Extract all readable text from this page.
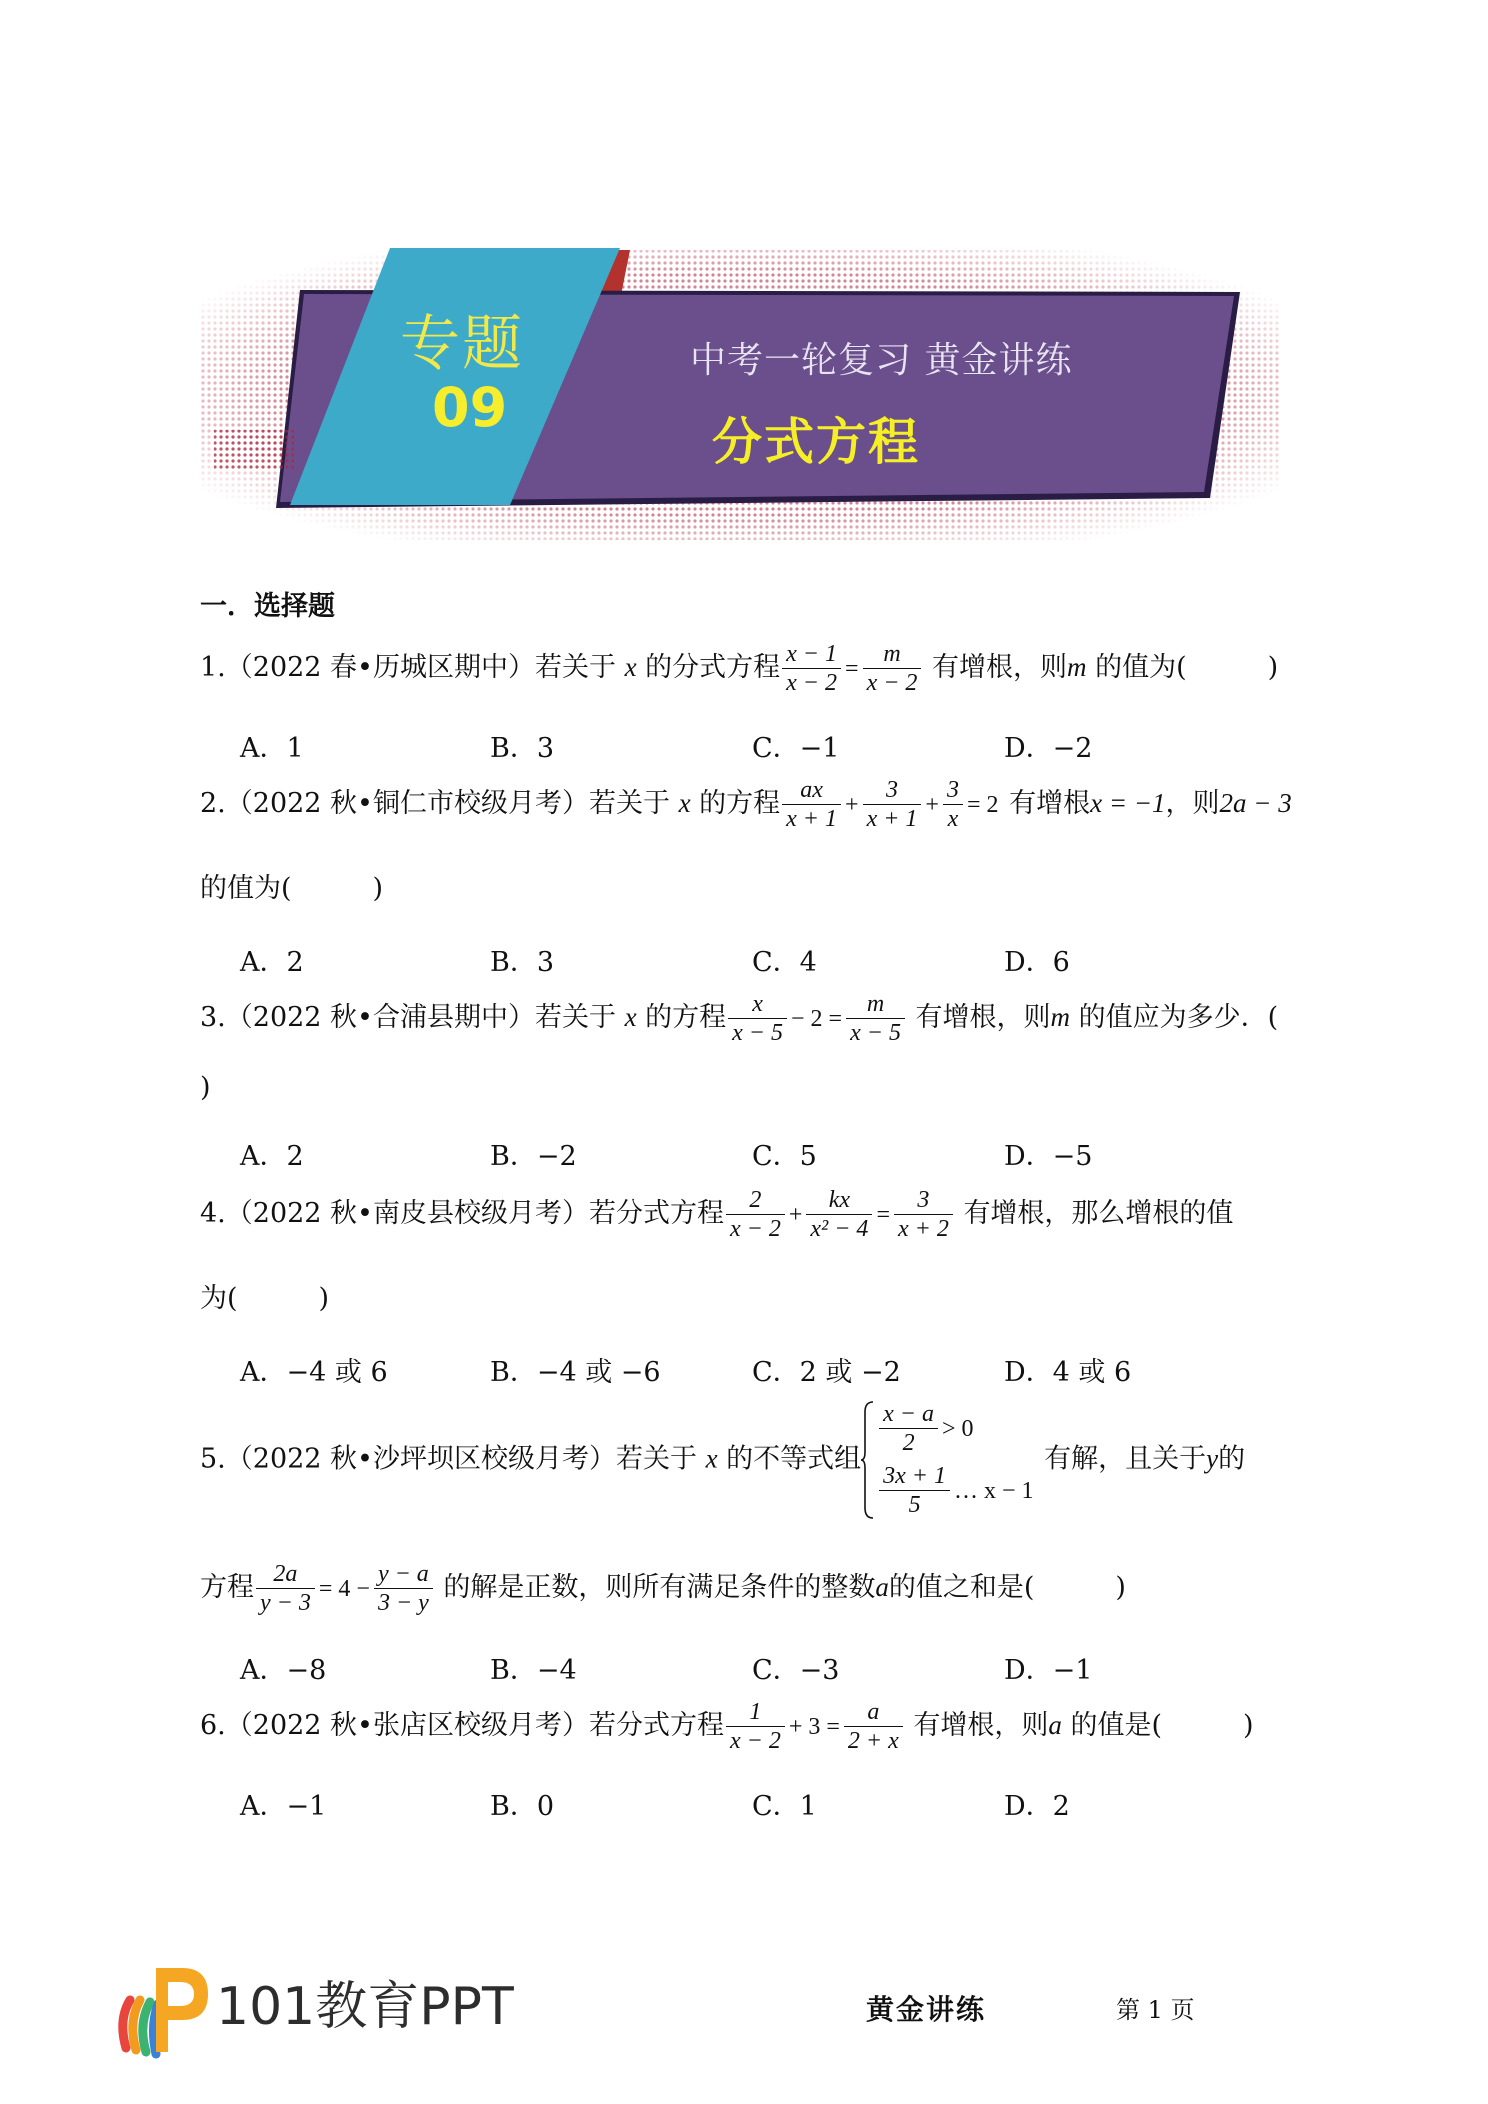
专题
09
中考一轮复习 黄金讲练
分式方程
一．选择题
1.（2022 春•历城区期中）若关于 x 的分式方程 $\frac{x - 1}{x - 2} = \frac{m}{x - 2}$ 有增根，则m 的值为(　　　)
A．1	B．3	C．−1	D．−2
2.（2022 秋•铜仁市校级月考）若关于 x 的方程 $\frac{ax}{x + 1} + \frac{3}{x + 1} + \frac{3}{x} = 2$ 有增根x = −1，则2a − 3
的值为(　　　)
A．2	B．3	C．4	D．6
3.（2022 秋•合浦县期中）若关于 x 的方程 $\frac{x}{x - 5} - 2 = \frac{m}{x - 5}$ 有增根，则m 的值应为多少．(
)
A．2	B．−2	C．5	D．−5
4.（2022 秋•南皮县校级月考）若分式方程 $\frac{2}{x - 2} + \frac{kx}{\text{x² − 4}} = \frac{3}{x + 2}$ 有增根，那么增根的值
为(　　　)
A．−4 或 6	B．−4 或 −6	C．2 或 −2	D．4 或 6
5.（2022 秋•沙坪坝区校级月考）若关于 x 的不等式组
$\frac{x - a}{2} > 0$
$\frac{3x + 1}{5}$ … x − 1
有解，且关于y的
方程 $\frac{2a}{y - 3} = 4 - \frac{y - a}{3 - y}$ 的解是正数，则所有满足条件的整数a的值之和是(　　　)
A．−8	B．−4	C．−3	D．−1
6.（2022 秋•张店区校级月考）若分式方程 $\frac{1}{x - 2} + 3 = \frac{a}{2 + x}$ 有增根，则a 的值是(　　　)
A．−1	B．0	C．1	D．2
101教育PPT	黄金讲练	第 1 页
